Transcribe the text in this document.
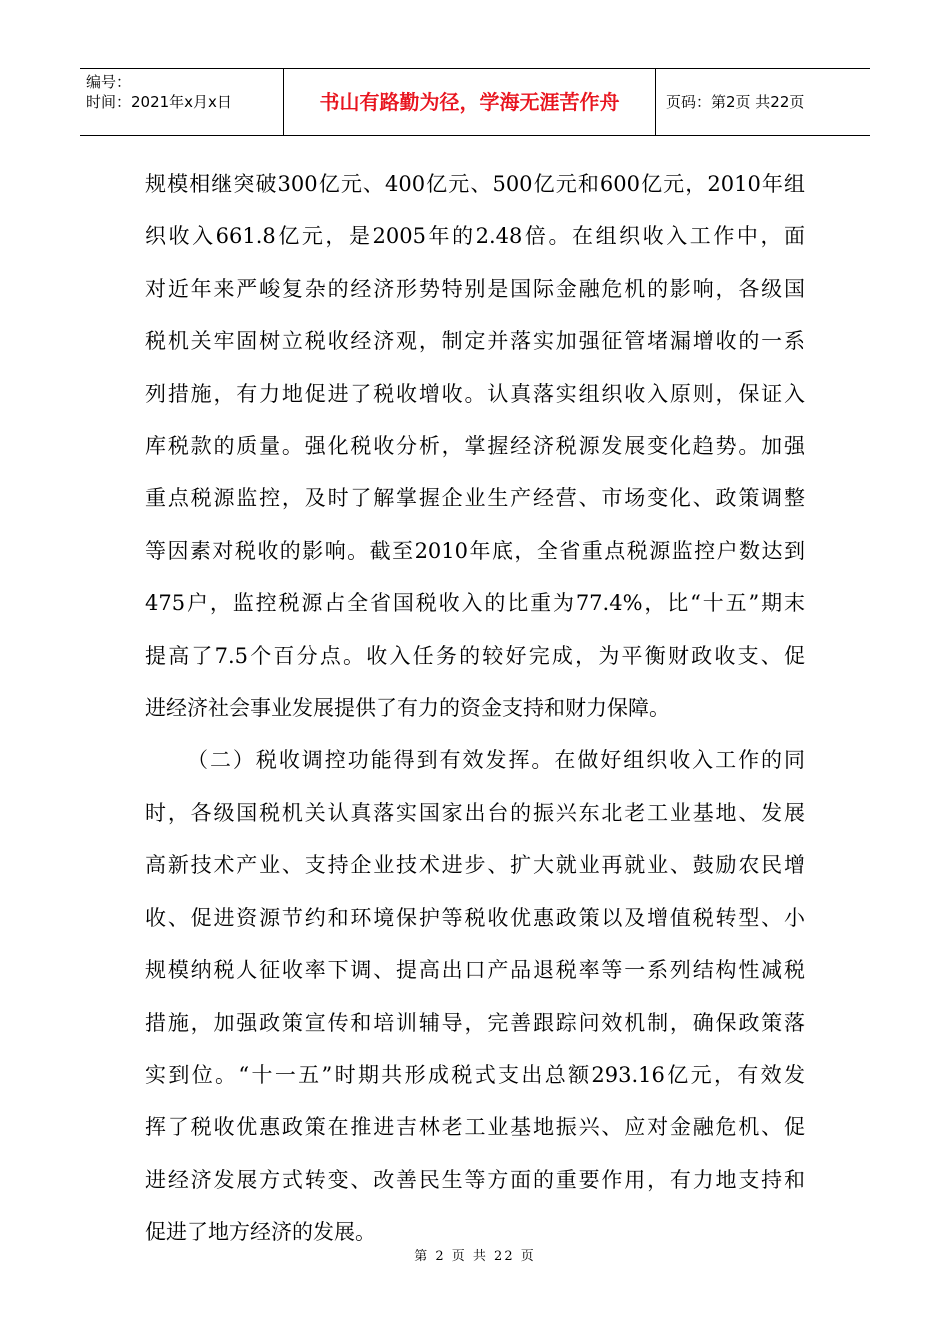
编号：
时间：2021年x月x日	书山有路勤为径，学海无涯苦作舟	页码：第2页 共22页

规模相继突破300亿元、400亿元、500亿元和600亿元，2010年组

织收入661.8亿元，是2005年的2.48倍。在组织收入工作中，面

对近年来严峻复杂的经济形势特别是国际金融危机的影响，各级国

税机关牢固树立税收经济观，制定并落实加强征管堵漏增收的一系

列措施，有力地促进了税收增收。认真落实组织收入原则，保证入

库税款的质量。强化税收分析，掌握经济税源发展变化趋势。加强

重点税源监控，及时了解掌握企业生产经营、市场变化、政策调整

等因素对税收的影响。截至2010年底，全省重点税源监控户数达到

475户，监控税源占全省国税收入的比重为77.4%，比“十五”期末

提高了7.5个百分点。收入任务的较好完成，为平衡财政收支、促

进经济社会事业发展提供了有力的资金支持和财力保障。

（二）税收调控功能得到有效发挥。在做好组织收入工作的同

时，各级国税机关认真落实国家出台的振兴东北老工业基地、发展

高新技术产业、支持企业技术进步、扩大就业再就业、鼓励农民增

收、促进资源节约和环境保护等税收优惠政策以及增值税转型、小

规模纳税人征收率下调、提高出口产品退税率等一系列结构性减税

措施，加强政策宣传和培训辅导，完善跟踪问效机制，确保政策落

实到位。“十一五”时期共形成税式支出总额293.16亿元，有效发

挥了税收优惠政策在推进吉林老工业基地振兴、应对金融危机、促

进经济发展方式转变、改善民生等方面的重要作用，有力地支持和

促进了地方经济的发展。

第 2 页 共 22 页
